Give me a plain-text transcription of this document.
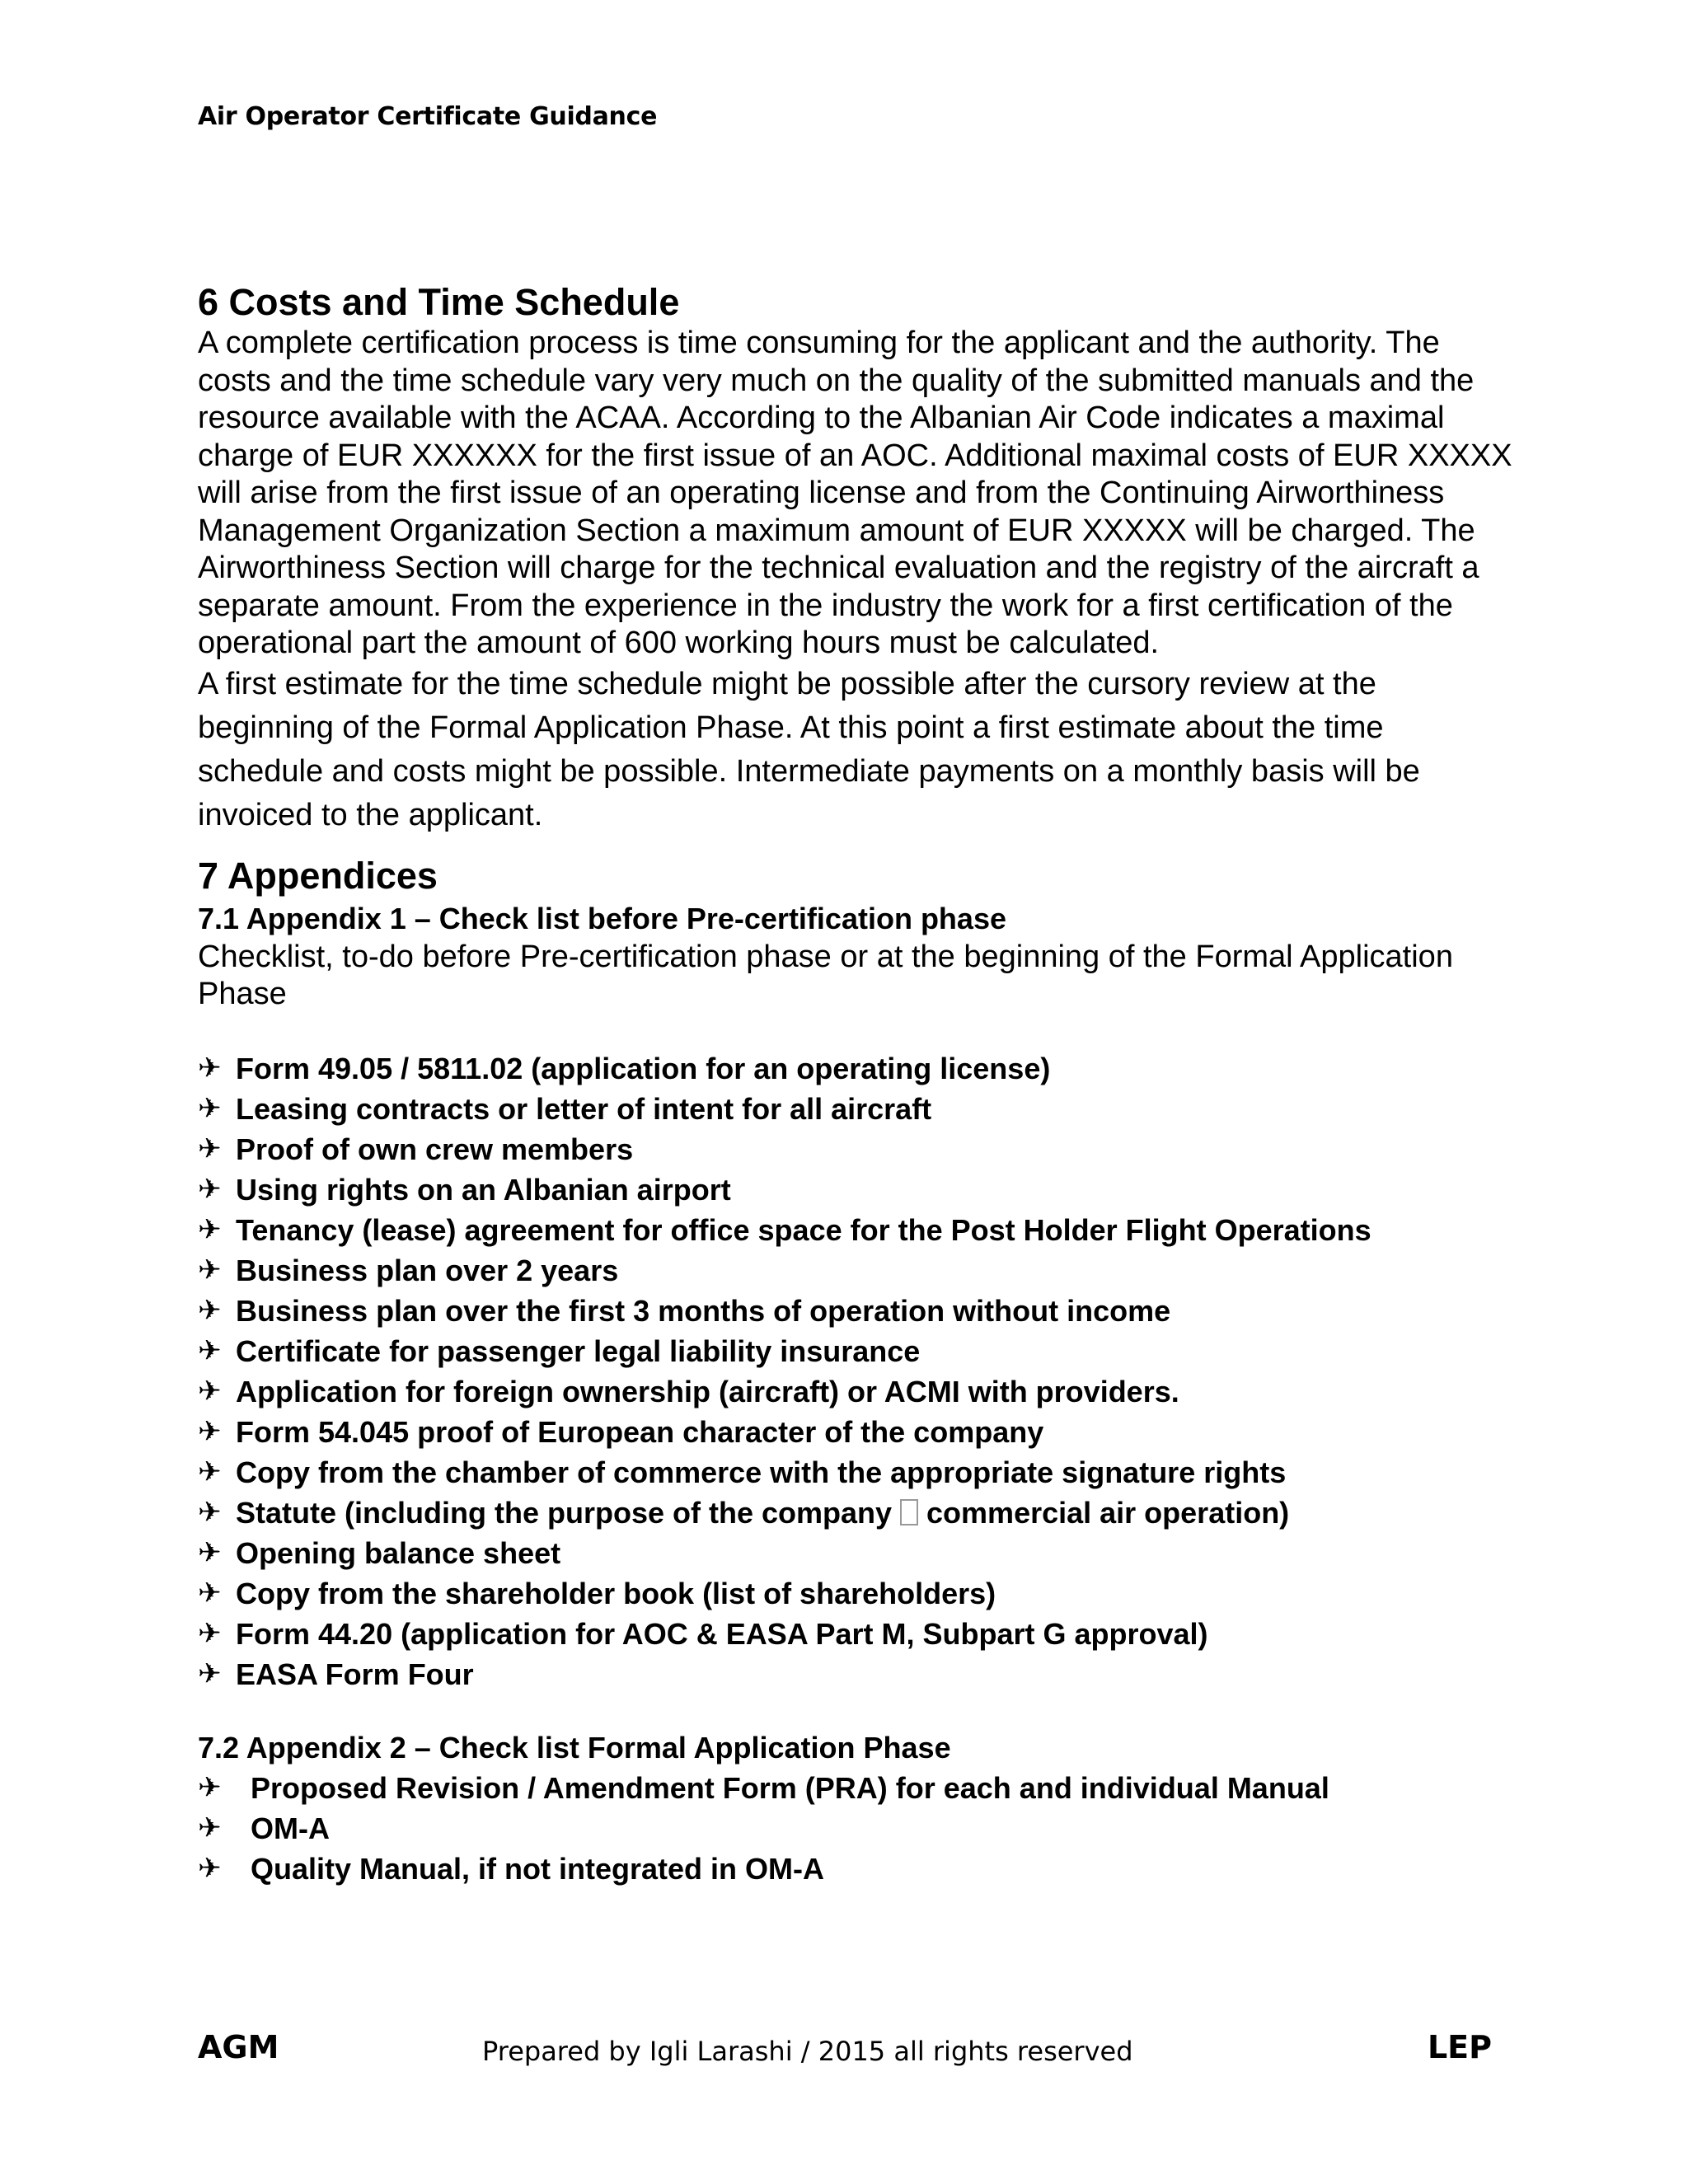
Air Operator Certificate Guidance
6 Costs and Time Schedule

A complete certification process is time consuming for the applicant and the authority. The costs and the time schedule vary very much on the quality of the submitted manuals and the resource available with the ACAA. According to the Albanian Air Code indicates a maximal charge of EUR XXXXXX for the first issue of an AOC. Additional maximal costs of EUR XXXXX will arise from the first issue of an operating license and from the Continuing Airworthiness Management Organization Section a maximum amount of EUR XXXXX will be charged. The Airworthiness Section will charge for the technical evaluation and the registry of the aircraft a separate amount. From the experience in the industry the work for a first certification of the operational part the amount of 600 working hours must be calculated.

A first estimate for the time schedule might be possible after the cursory review at the beginning of the Formal Application Phase. At this point a first estimate about the time schedule and costs might be possible. Intermediate payments on a monthly basis will be invoiced to the applicant.

7 Appendices
7.1 Appendix 1 – Check list before Pre-certification phase

Checklist, to-do before Pre-certification phase or at the beginning of the Formal Application Phase

✈ Form 49.05 / 5811.02 (application for an operating license)
✈ Leasing contracts or letter of intent for all aircraft
✈ Proof of own crew members
✈ Using rights on an Albanian airport
✈ Tenancy (lease) agreement for office space for the Post Holder Flight Operations
✈ Business plan over 2 years
✈ Business plan over the first 3 months of operation without income
✈ Certificate for passenger legal liability insurance
✈ Application for foreign ownership (aircraft) or ACMI with providers.
✈ Form 54.045 proof of European character of the company
✈ Copy from the chamber of commerce with the appropriate signature rights
✈ Statute (including the purpose of the company commercial air operation)
✈ Opening balance sheet
✈ Copy from the shareholder book (list of shareholders)
✈ Form 44.20 (application for AOC & EASA Part M, Subpart G approval)
✈ EASA Form Four
7.2 Appendix 2 – Check list Formal Application Phase
✈ Proposed Revision / Amendment Form (PRA) for each and individual Manual
✈ OM-A
✈ Quality Manual, if not integrated in OM-A
AGM	Prepared by Igli Larashi / 2015 all rights reserved	LEP
